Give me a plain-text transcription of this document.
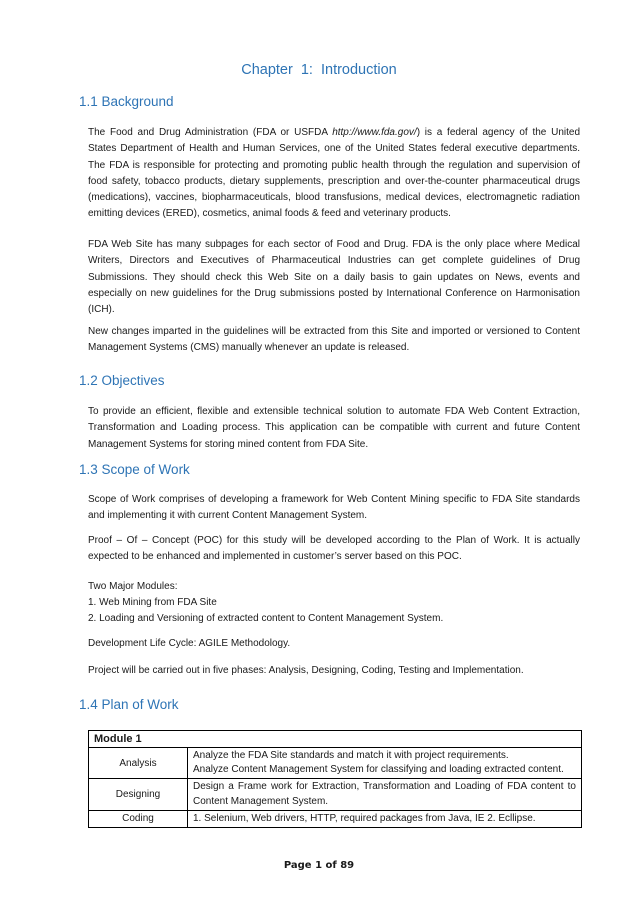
Chapter 1: Introduction
1.1 Background

The Food and Drug Administration (FDA or USFDA http://www.fda.gov/) is a federal agency of the United States Department of Health and Human Services, one of the United States federal executive departments. The FDA is responsible for protecting and promoting public health through the regulation and supervision of food safety, tobacco products, dietary supplements, prescription and over-the-counter pharmaceutical drugs (medications), vaccines, biopharmaceuticals, blood transfusions, medical devices, electromagnetic radiation emitting devices (ERED), cosmetics, animal foods & feed and veterinary products.

FDA Web Site has many subpages for each sector of Food and Drug. FDA is the only place where Medical Writers, Directors and Executives of Pharmaceutical Industries can get complete guidelines of Drug Submissions. They should check this Web Site on a daily basis to gain updates on News, events and especially on new guidelines for the Drug submissions posted by International Conference on Harmonisation (ICH).

New changes imparted in the guidelines will be extracted from this Site and imported or versioned to Content Management Systems (CMS) manually whenever an update is released.

1.2 Objectives

To provide an efficient, flexible and extensible technical solution to automate FDA Web Content Extraction, Transformation and Loading process. This application can be compatible with current and future Content Management Systems for storing mined content from FDA Site.

1.3 Scope of Work

Scope of Work comprises of developing a framework for Web Content Mining specific to FDA Site standards and implementing it with current Content Management System.

Proof – Of – Concept (POC) for this study will be developed according to the Plan of Work. It is actually expected to be enhanced and implemented in customer’s server based on this POC.

Two Major Modules:

1. Web Mining from FDA Site

2. Loading and Versioning of extracted content to Content Management System.

Development Life Cycle: AGILE Methodology.

Project will be carried out in five phases: Analysis, Designing, Coding, Testing and Implementation.

1.4 Plan of Work
Module 1	
Analysis	Analyze the FDA Site standards and match it with project requirements.
Analyze Content Management System for classifying and loading extracted content.

Designing	Design a Frame work for Extraction, Transformation and Loading of FDA content to Content Management System.

Coding	1. Selenium, Web drivers, HTTP, required packages from Java, IE 2. Ecllipse.
Page 1 of 89
